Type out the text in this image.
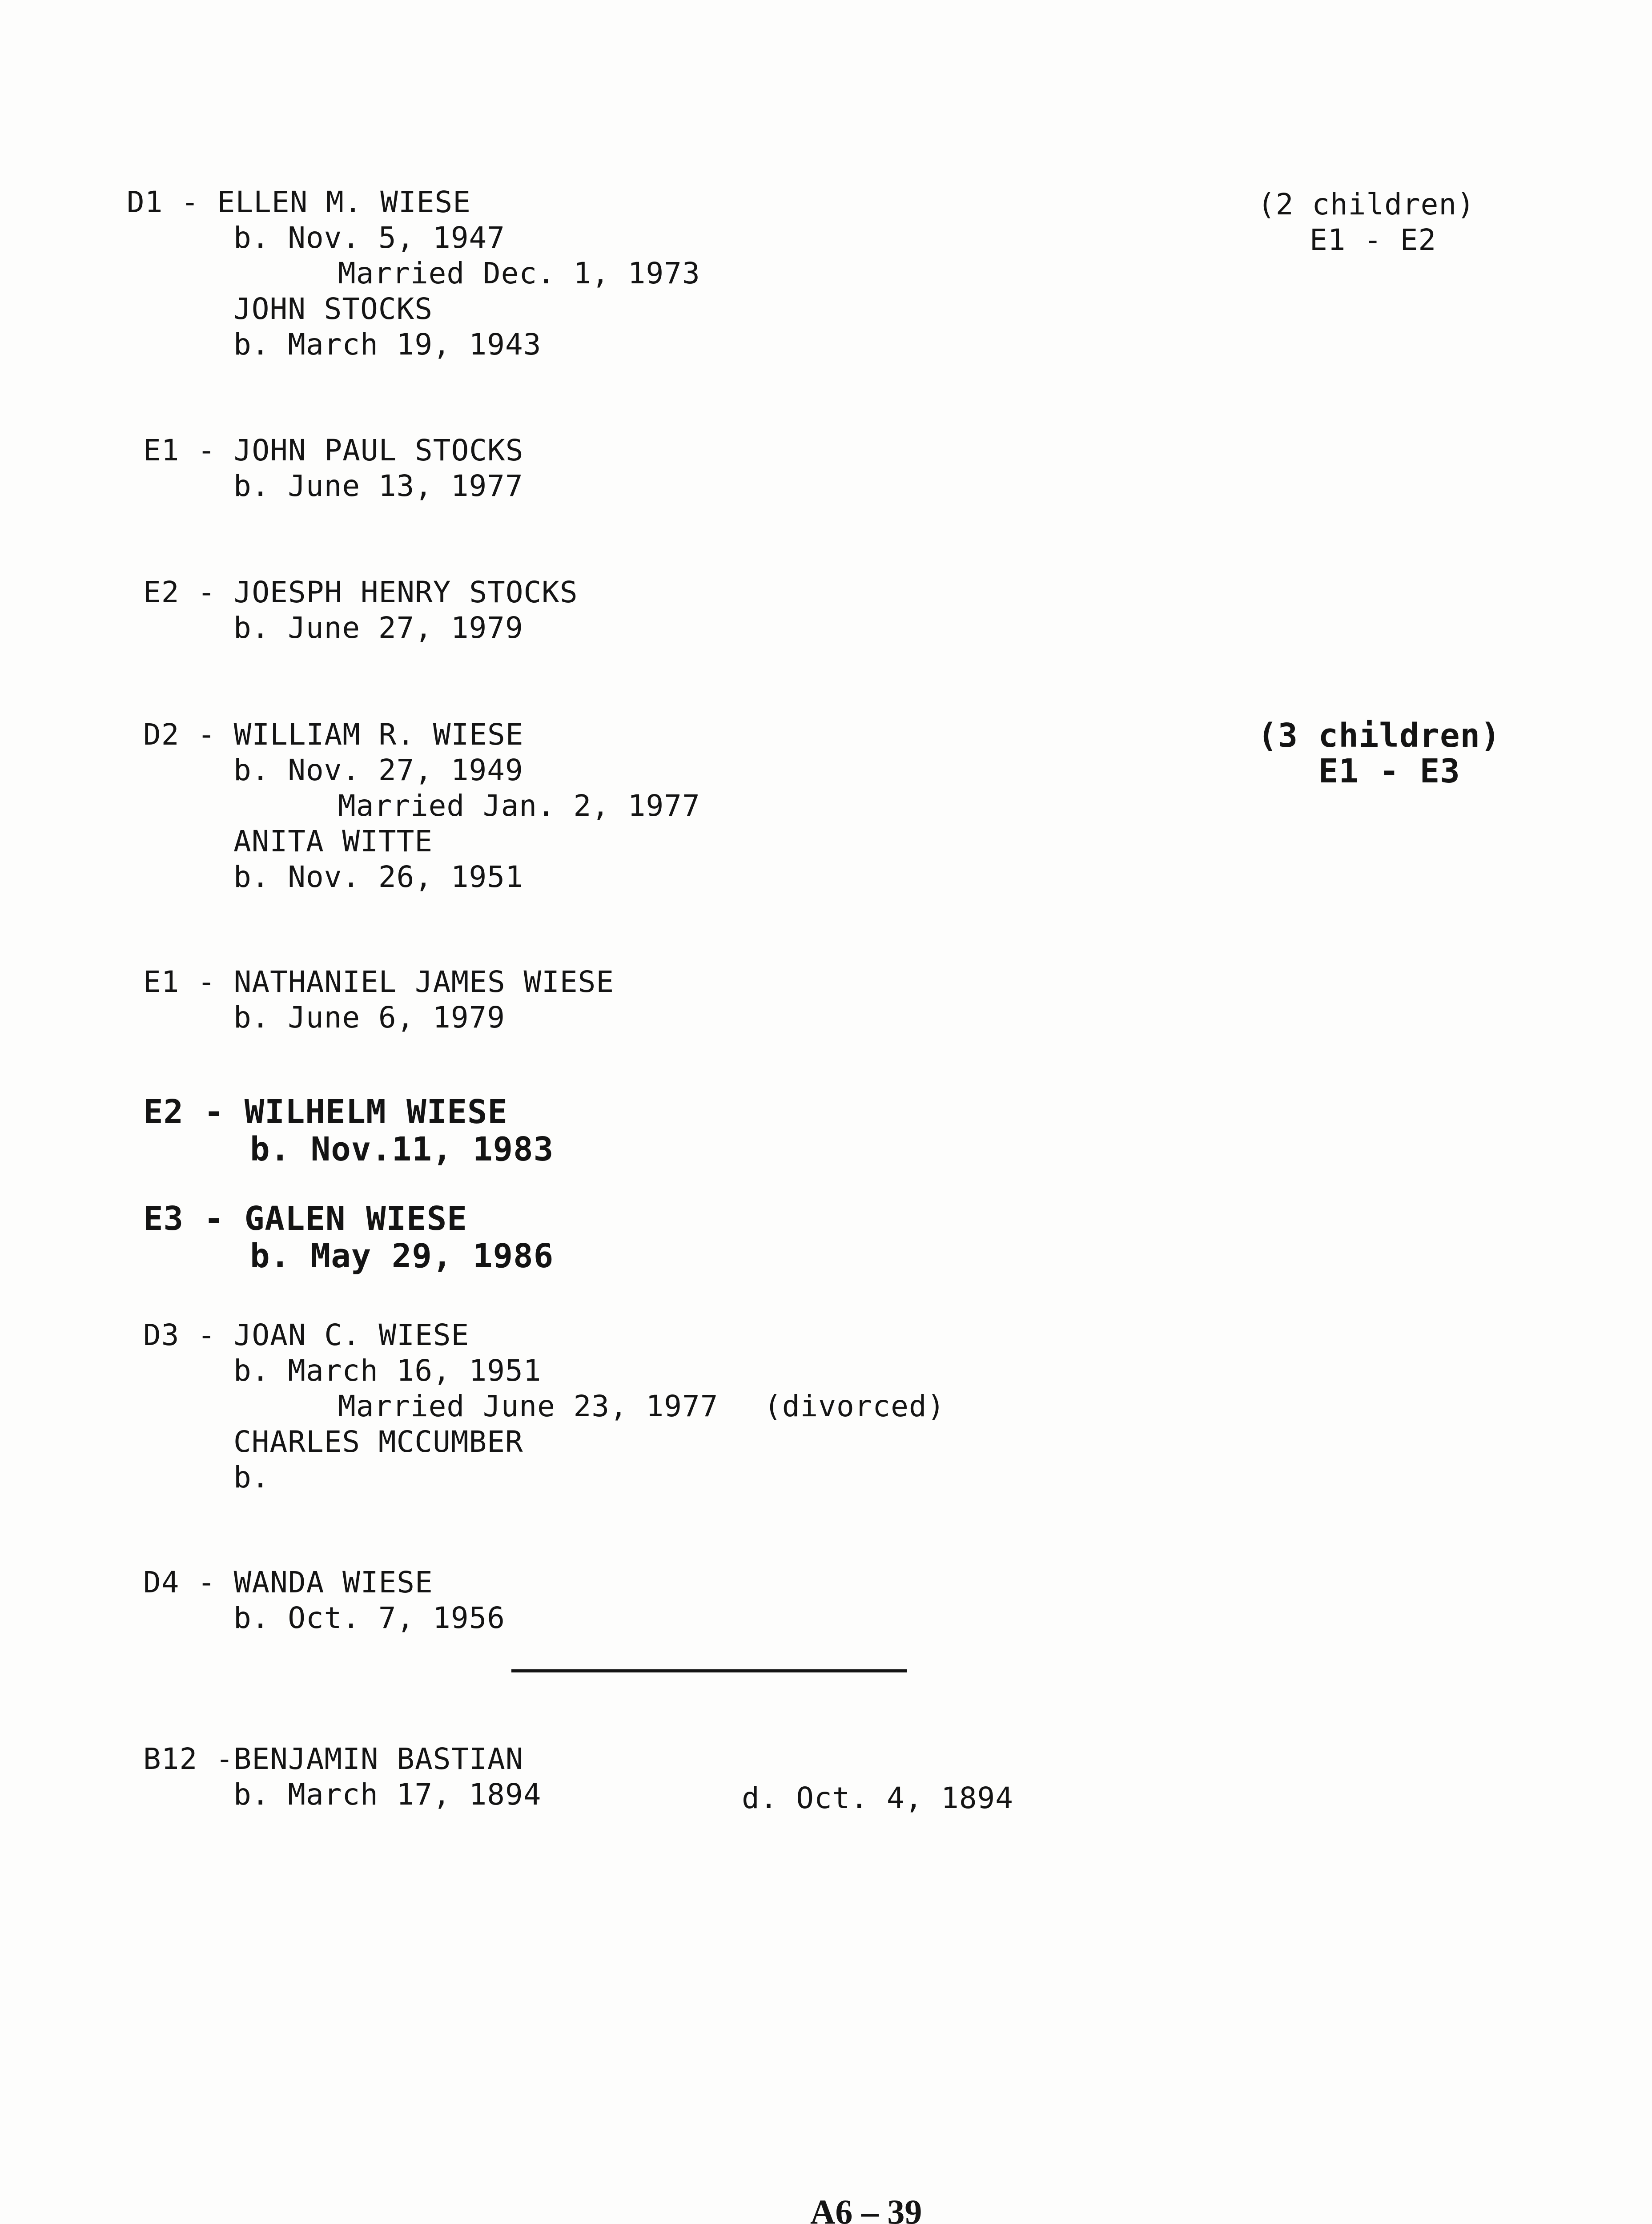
D1 - ELLEN M. WIESE
b. Nov. 5, 1947
Married Dec. 1, 1973
JOHN STOCKS
b. March 19, 1943
(2 children)
E1 - E2
E1 - JOHN PAUL STOCKS
b. June 13, 1977
E2 - JOESPH HENRY STOCKS
b. June 27, 1979
D2 - WILLIAM R. WIESE
b. Nov. 27, 1949
Married Jan. 2, 1977
ANITA WITTE
b. Nov. 26, 1951
(3 children)
E1 - E3
E1 - NATHANIEL JAMES WIESE
b. June 6, 1979
E2 - WILHELM WIESE
b. Nov.11, 1983
E3 - GALEN WIESE
b. May 29, 1986
D3 - JOAN C. WIESE
b. March 16, 1951
Married June 23, 1977 (divorced)
CHARLES MCCUMBER
b.
D4 - WANDA WIESE
b. Oct. 7, 1956
B12 -BENJAMIN BASTIAN
b. March 17, 1894	d. Oct. 4, 1894
A6 – 39
